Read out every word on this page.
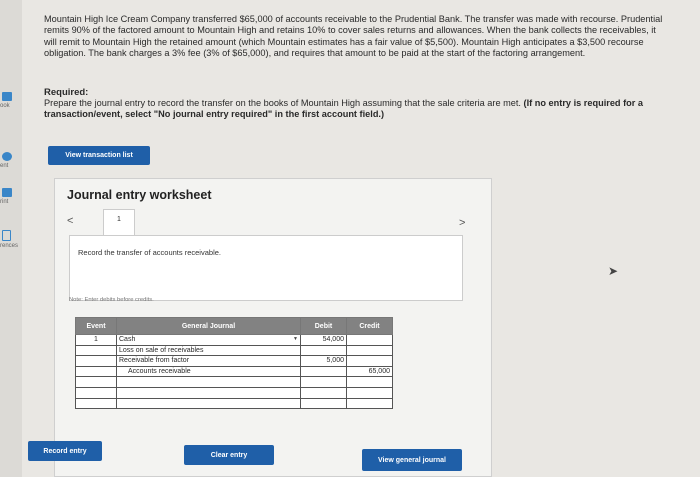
ook
ent
rint
rences

Mountain High Ice Cream Company transferred $65,000 of accounts receivable to the Prudential Bank. The transfer was made with recourse. Prudential remits 90% of the factored amount to Mountain High and retains 10% to cover sales returns and allowances. When the bank collects the receivables, it will remit to Mountain High the retained amount (which Mountain estimates has a fair value of $5,500). Mountain High anticipates a $3,500 recourse obligation. The bank charges a 3% fee (3% of $65,000), and requires that amount to be paid at the start of the factoring arrangement.

Required:
Prepare the journal entry to record the transfer on the books of Mountain High assuming that the sale criteria are met. (If no entry is required for a transaction/event, select "No journal entry required" in the first account field.)
View transaction list
Journal entry worksheet
<	1	>
Record the transfer of accounts receivable.
Note: Enter debits before credits.
Event	General Journal	Debit	Credit
1	Cash ▼	54,000	
	Loss on sale of receivables		
	Receivable from factor	5,000	
	Accounts receivable		65,000

Record entry
Clear entry
View general journal
➤
